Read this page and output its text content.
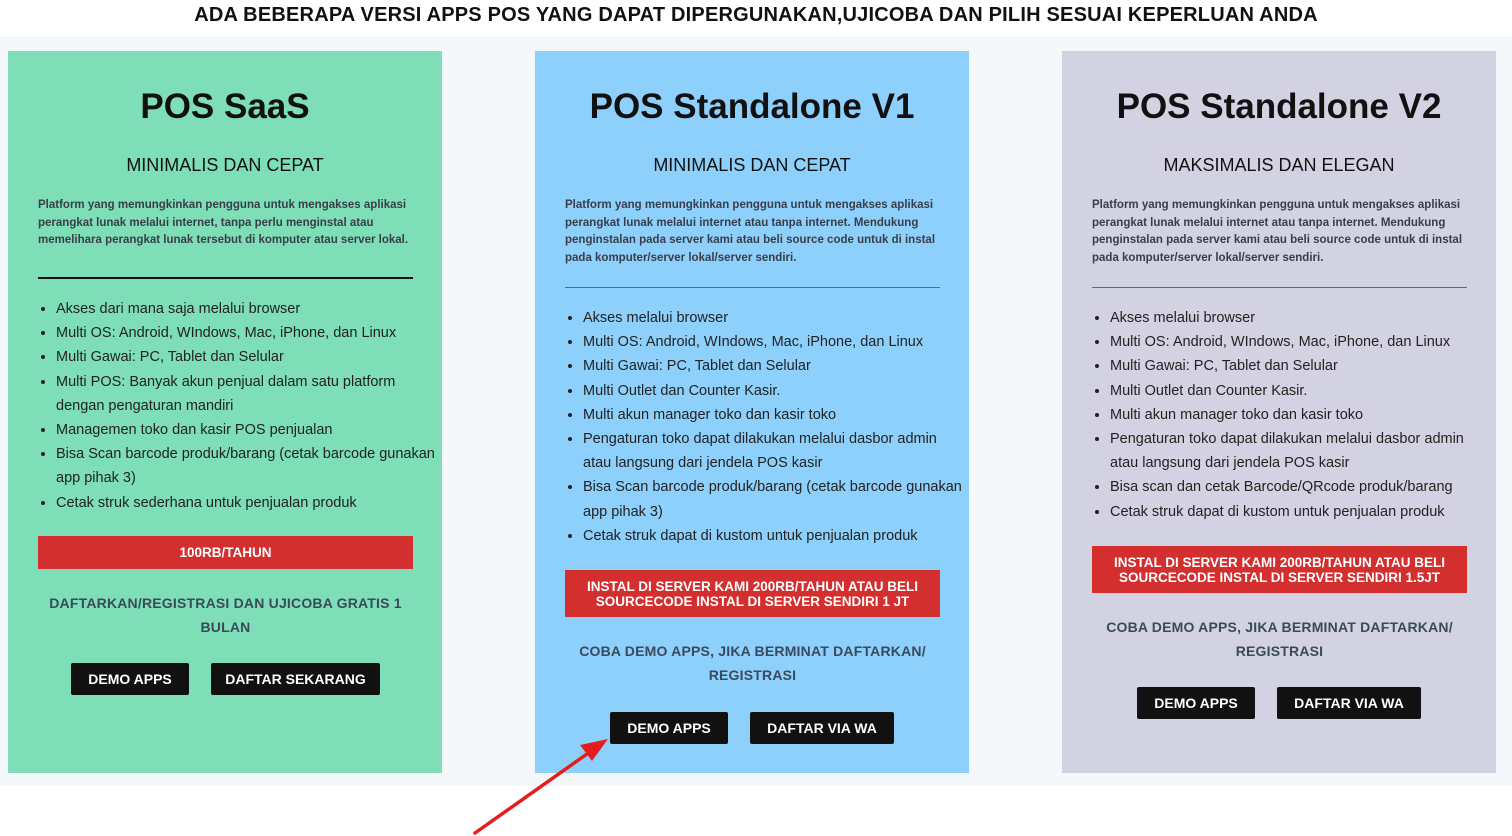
ADA BEBERAPA VERSI APPS POS YANG DAPAT DIPERGUNAKAN,UJICOBA DAN PILIH SESUAI KEPERLUAN ANDA
POS SaaS
MINIMALIS DAN CEPAT
Platform yang memungkinkan pengguna untuk mengakses aplikasi perangkat lunak melalui internet, tanpa perlu menginstal atau memelihara perangkat lunak tersebut di komputer atau server lokal.
• Akses dari mana saja melalui browser
• Multi OS: Android, WIndows, Mac, iPhone, dan Linux
• Multi Gawai: PC, Tablet dan Selular
• Multi POS: Banyak akun penjual dalam satu platform dengan pengaturan mandiri
• Managemen toko dan kasir POS penjualan
• Bisa Scan barcode produk/barang (cetak barcode gunakan app pihak 3)
• Cetak struk sederhana untuk penjualan produk
100RB/TAHUN
DAFTARKAN/REGISTRASI DAN UJICOBA GRATIS 1 BULAN
DEMO APPS	DAFTAR SEKARANG
POS Standalone V1
MINIMALIS DAN CEPAT
Platform yang memungkinkan pengguna untuk mengakses aplikasi perangkat lunak melalui internet atau tanpa internet. Mendukung penginstalan pada server kami atau beli source code untuk di instal pada komputer/server lokal/server sendiri.
• Akses melalui browser
• Multi OS: Android, WIndows, Mac, iPhone, dan Linux
• Multi Gawai: PC, Tablet dan Selular
• Multi Outlet dan Counter Kasir.
• Multi akun manager toko dan kasir toko
• Pengaturan toko dapat dilakukan melalui dasbor admin atau langsung dari jendela POS kasir
• Bisa Scan barcode produk/barang (cetak barcode gunakan app pihak 3)
• Cetak struk dapat di kustom untuk penjualan produk
INSTAL DI SERVER KAMI 200RB/TAHUN ATAU BELI SOURCECODE INSTAL DI SERVER SENDIRI 1 JT
COBA DEMO APPS, JIKA BERMINAT DAFTARKAN/ REGISTRASI
DEMO APPS	DAFTAR VIA WA
POS Standalone V2
MAKSIMALIS DAN ELEGAN
Platform yang memungkinkan pengguna untuk mengakses aplikasi perangkat lunak melalui internet atau tanpa internet. Mendukung penginstalan pada server kami atau beli source code untuk di instal pada komputer/server lokal/server sendiri.
• Akses melalui browser
• Multi OS: Android, WIndows, Mac, iPhone, dan Linux
• Multi Gawai: PC, Tablet dan Selular
• Multi Outlet dan Counter Kasir.
• Multi akun manager toko dan kasir toko
• Pengaturan toko dapat dilakukan melalui dasbor admin atau langsung dari jendela POS kasir
• Bisa scan dan cetak Barcode/QRcode produk/barang
• Cetak struk dapat di kustom untuk penjualan produk
INSTAL DI SERVER KAMI 200RB/TAHUN ATAU BELI SOURCECODE INSTAL DI SERVER SENDIRI 1.5JT
COBA DEMO APPS, JIKA BERMINAT DAFTARKAN/ REGISTRASI
DEMO APPS	DAFTAR VIA WA
